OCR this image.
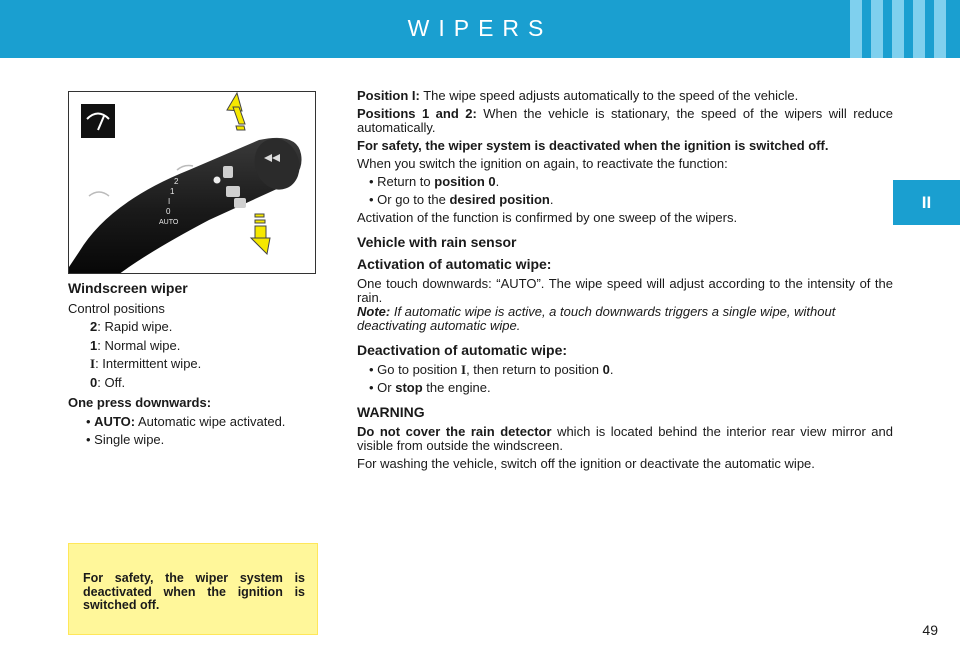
WIPERS
II
2
1
I
0
AUTO

Windscreen wiper

Control positions

2: Rapid wipe.

1: Normal wipe.

I: Intermittent wipe.

0: Off.

One press downwards:

• AUTO: Automatic wipe activated.

• Single wipe.

For safety, the wiper system is deactivated when the ignition is switched off.

Position I: The wipe speed adjusts automatically to the speed of the vehicle.

Positions 1 and 2: When the vehicle is stationary, the speed of the wipers will reduce automatically.

For safety, the wiper system is deactivated when the ignition is switched off.

When you switch the ignition on again, to reactivate the function:

• Return to position 0.

• Or go to the desired position.

Activation of the function is confirmed by one sweep of the wipers.

Vehicle with rain sensor

Activation of automatic wipe:

One touch downwards: “AUTO”. The wipe speed will adjust according to the intensity of the rain.

Note: If automatic wipe is active, a touch downwards triggers a single wipe, without deactivating automatic wipe.

Deactivation of automatic wipe:

• Go to position I, then return to position 0.

• Or stop the engine.

WARNING

Do not cover the rain detector which is located behind the interior rear view mirror and visible from outside the windscreen.

For washing the vehicle, switch off the ignition or deactivate the automatic wipe.

49
